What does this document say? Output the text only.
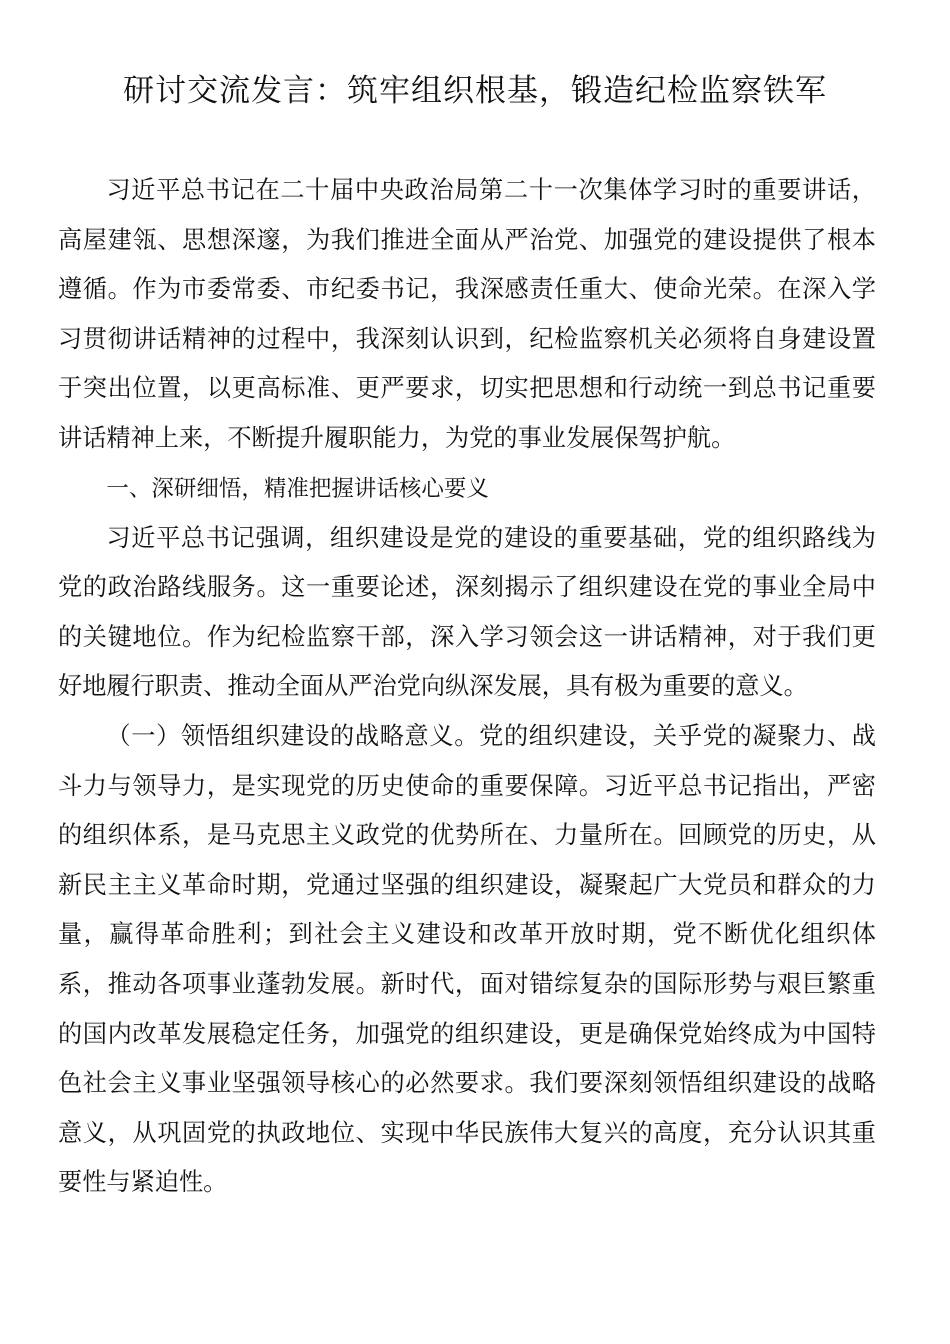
研讨交流发言：筑牢组织根基，锻造纪检监察铁军

习近平总书记在二十届中央政治局第二十一次集体学习时的重要讲话，高屋建瓴、思想深邃，为我们推进全面从严治党、加强党的建设提供了根本遵循。作为市委常委、市纪委书记，我深感责任重大、使命光荣。在深入学习贯彻讲话精神的过程中，我深刻认识到，纪检监察机关必须将自身建设置于突出位置，以更高标准、更严要求，切实把思想和行动统一到总书记重要讲话精神上来，不断提升履职能力，为党的事业发展保驾护航。

一、深研细悟，精准把握讲话核心要义

习近平总书记强调，组织建设是党的建设的重要基础，党的组织路线为党的政治路线服务。这一重要论述，深刻揭示了组织建设在党的事业全局中的关键地位。作为纪检监察干部，深入学习领会这一讲话精神，对于我们更好地履行职责、推动全面从严治党向纵深发展，具有极为重要的意义。

（一）领悟组织建设的战略意义。党的组织建设，关乎党的凝聚力、战斗力与领导力，是实现党的历史使命的重要保障。习近平总书记指出，严密的组织体系，是马克思主义政党的优势所在、力量所在。回顾党的历史，从新民主主义革命时期，党通过坚强的组织建设，凝聚起广大党员和群众的力量，赢得革命胜利；到社会主义建设和改革开放时期，党不断优化组织体系，推动各项事业蓬勃发展。新时代，面对错综复杂的国际形势与艰巨繁重的国内改革发展稳定任务，加强党的组织建设，更是确保党始终成为中国特色社会主义事业坚强领导核心的必然要求。我们要深刻领悟组织建设的战略意义，从巩固党的执政地位、实现中华民族伟大复兴的高度，充分认识其重要性与紧迫性。
